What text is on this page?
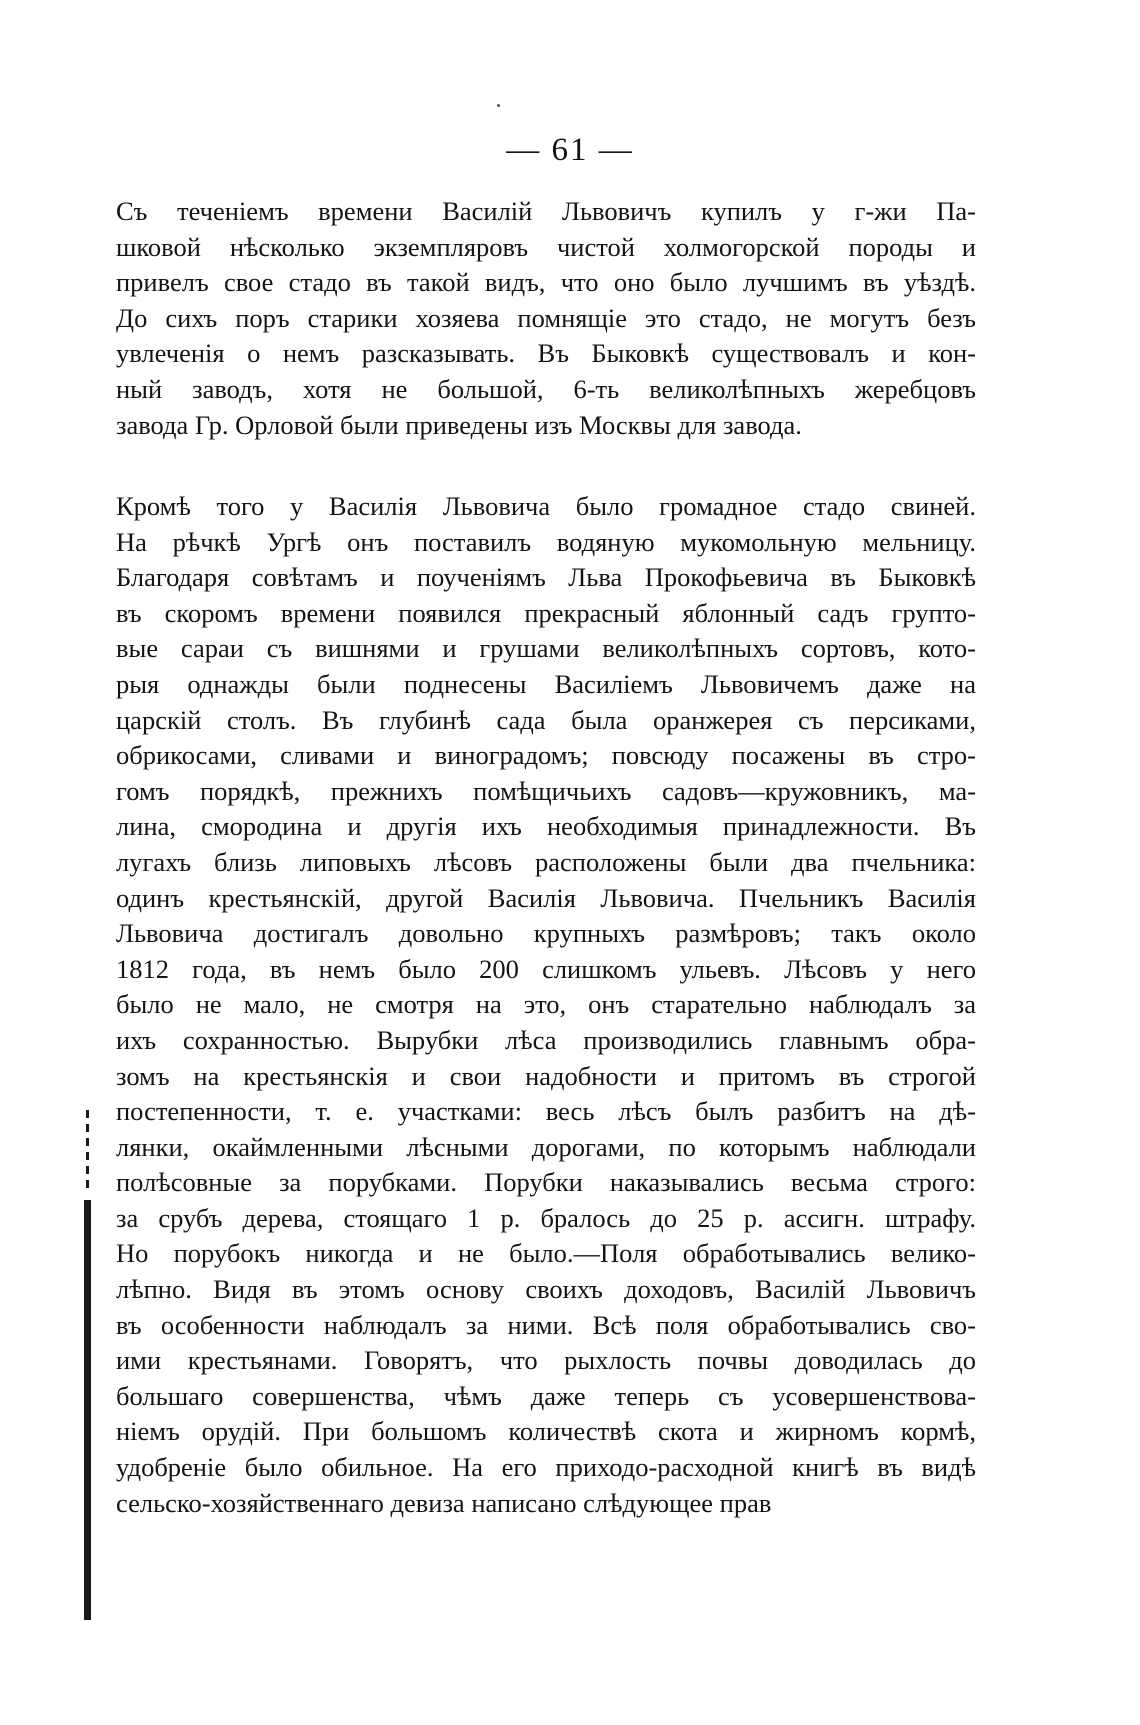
— 61 —
Съ теченіемъ времени Василій Львовичъ купилъ у г-жи Па-
шковой нѣсколько экземпляровъ чистой холмогорской породы и
привелъ свое стадо въ такой видъ, что оно было лучшимъ въ уѣздѣ.
До сихъ поръ старики хозяева помнящіе это стадо, не могутъ безъ
увлеченія о немъ разсказывать. Въ Быковкѣ существовалъ и кон-
ный заводъ, хотя не большой, 6-ть великолѣпныхъ жеребцовъ
завода Гр. Орловой были приведены изъ Москвы для завода.
Кромѣ того у Василія Львовича было громадное стадо свиней.
На рѣчкѣ Ургѣ онъ поставилъ водяную мукомольную мельницу.
Благодаря совѣтамъ и поученіямъ Льва Прокофьевича въ Быковкѣ
въ скоромъ времени появился прекрасный яблонный садъ групто-
вые сараи съ вишнями и грушами великолѣпныхъ сортовъ, кото-
рыя однажды были поднесены Василіемъ Львовичемъ даже на
царскій столъ. Въ глубинѣ сада была оранжерея съ персиками,
обрикосами, сливами и виноградомъ; повсюду посажены въ стро-
гомъ порядкѣ, прежнихъ помѣщичьихъ садовъ—кружовникъ, ма-
лина, смородина и другія ихъ необходимыя принадлежности. Въ
лугахъ близь липовыхъ лѣсовъ расположены были два пчельника:
одинъ крестьянскій, другой Василія Львовича. Пчельникъ Василія
Львовича достигалъ довольно крупныхъ размѣровъ; такъ около
1812 года, въ немъ было 200 слишкомъ ульевъ. Лѣсовъ у него
было не мало, не смотря на это, онъ старательно наблюдалъ за
ихъ сохранностью. Вырубки лѣса производились главнымъ обра-
зомъ на крестьянскія и свои надобности и притомъ въ строгой
постепенности, т. е. участками: весь лѣсъ былъ разбитъ на дѣ-
лянки, окаймленными лѣсными дорогами, по которымъ наблюдали
полѣсовные за порубками. Порубки наказывались весьма строго:
за срубъ дерева, стоящаго 1 р. бралось до 25 р. ассигн. штрафу.
Но порубокъ никогда и не было.—Поля обработывались велико-
лѣпно. Видя въ этомъ основу своихъ доходовъ, Василій Львовичъ
въ особенности наблюдалъ за ними. Всѣ поля обработывались сво-
ими крестьянами. Говорятъ, что рыхлость почвы доводилась до
большаго совершенства, чѣмъ даже теперь съ усовершенствова-
ніемъ орудій. При большомъ количествѣ скота и жирномъ кормѣ,
удобреніе было обильное. На его приходо-расходной книгѣ въ видѣ
сельско-хозяйственнаго девиза написано слѣдующее прав
